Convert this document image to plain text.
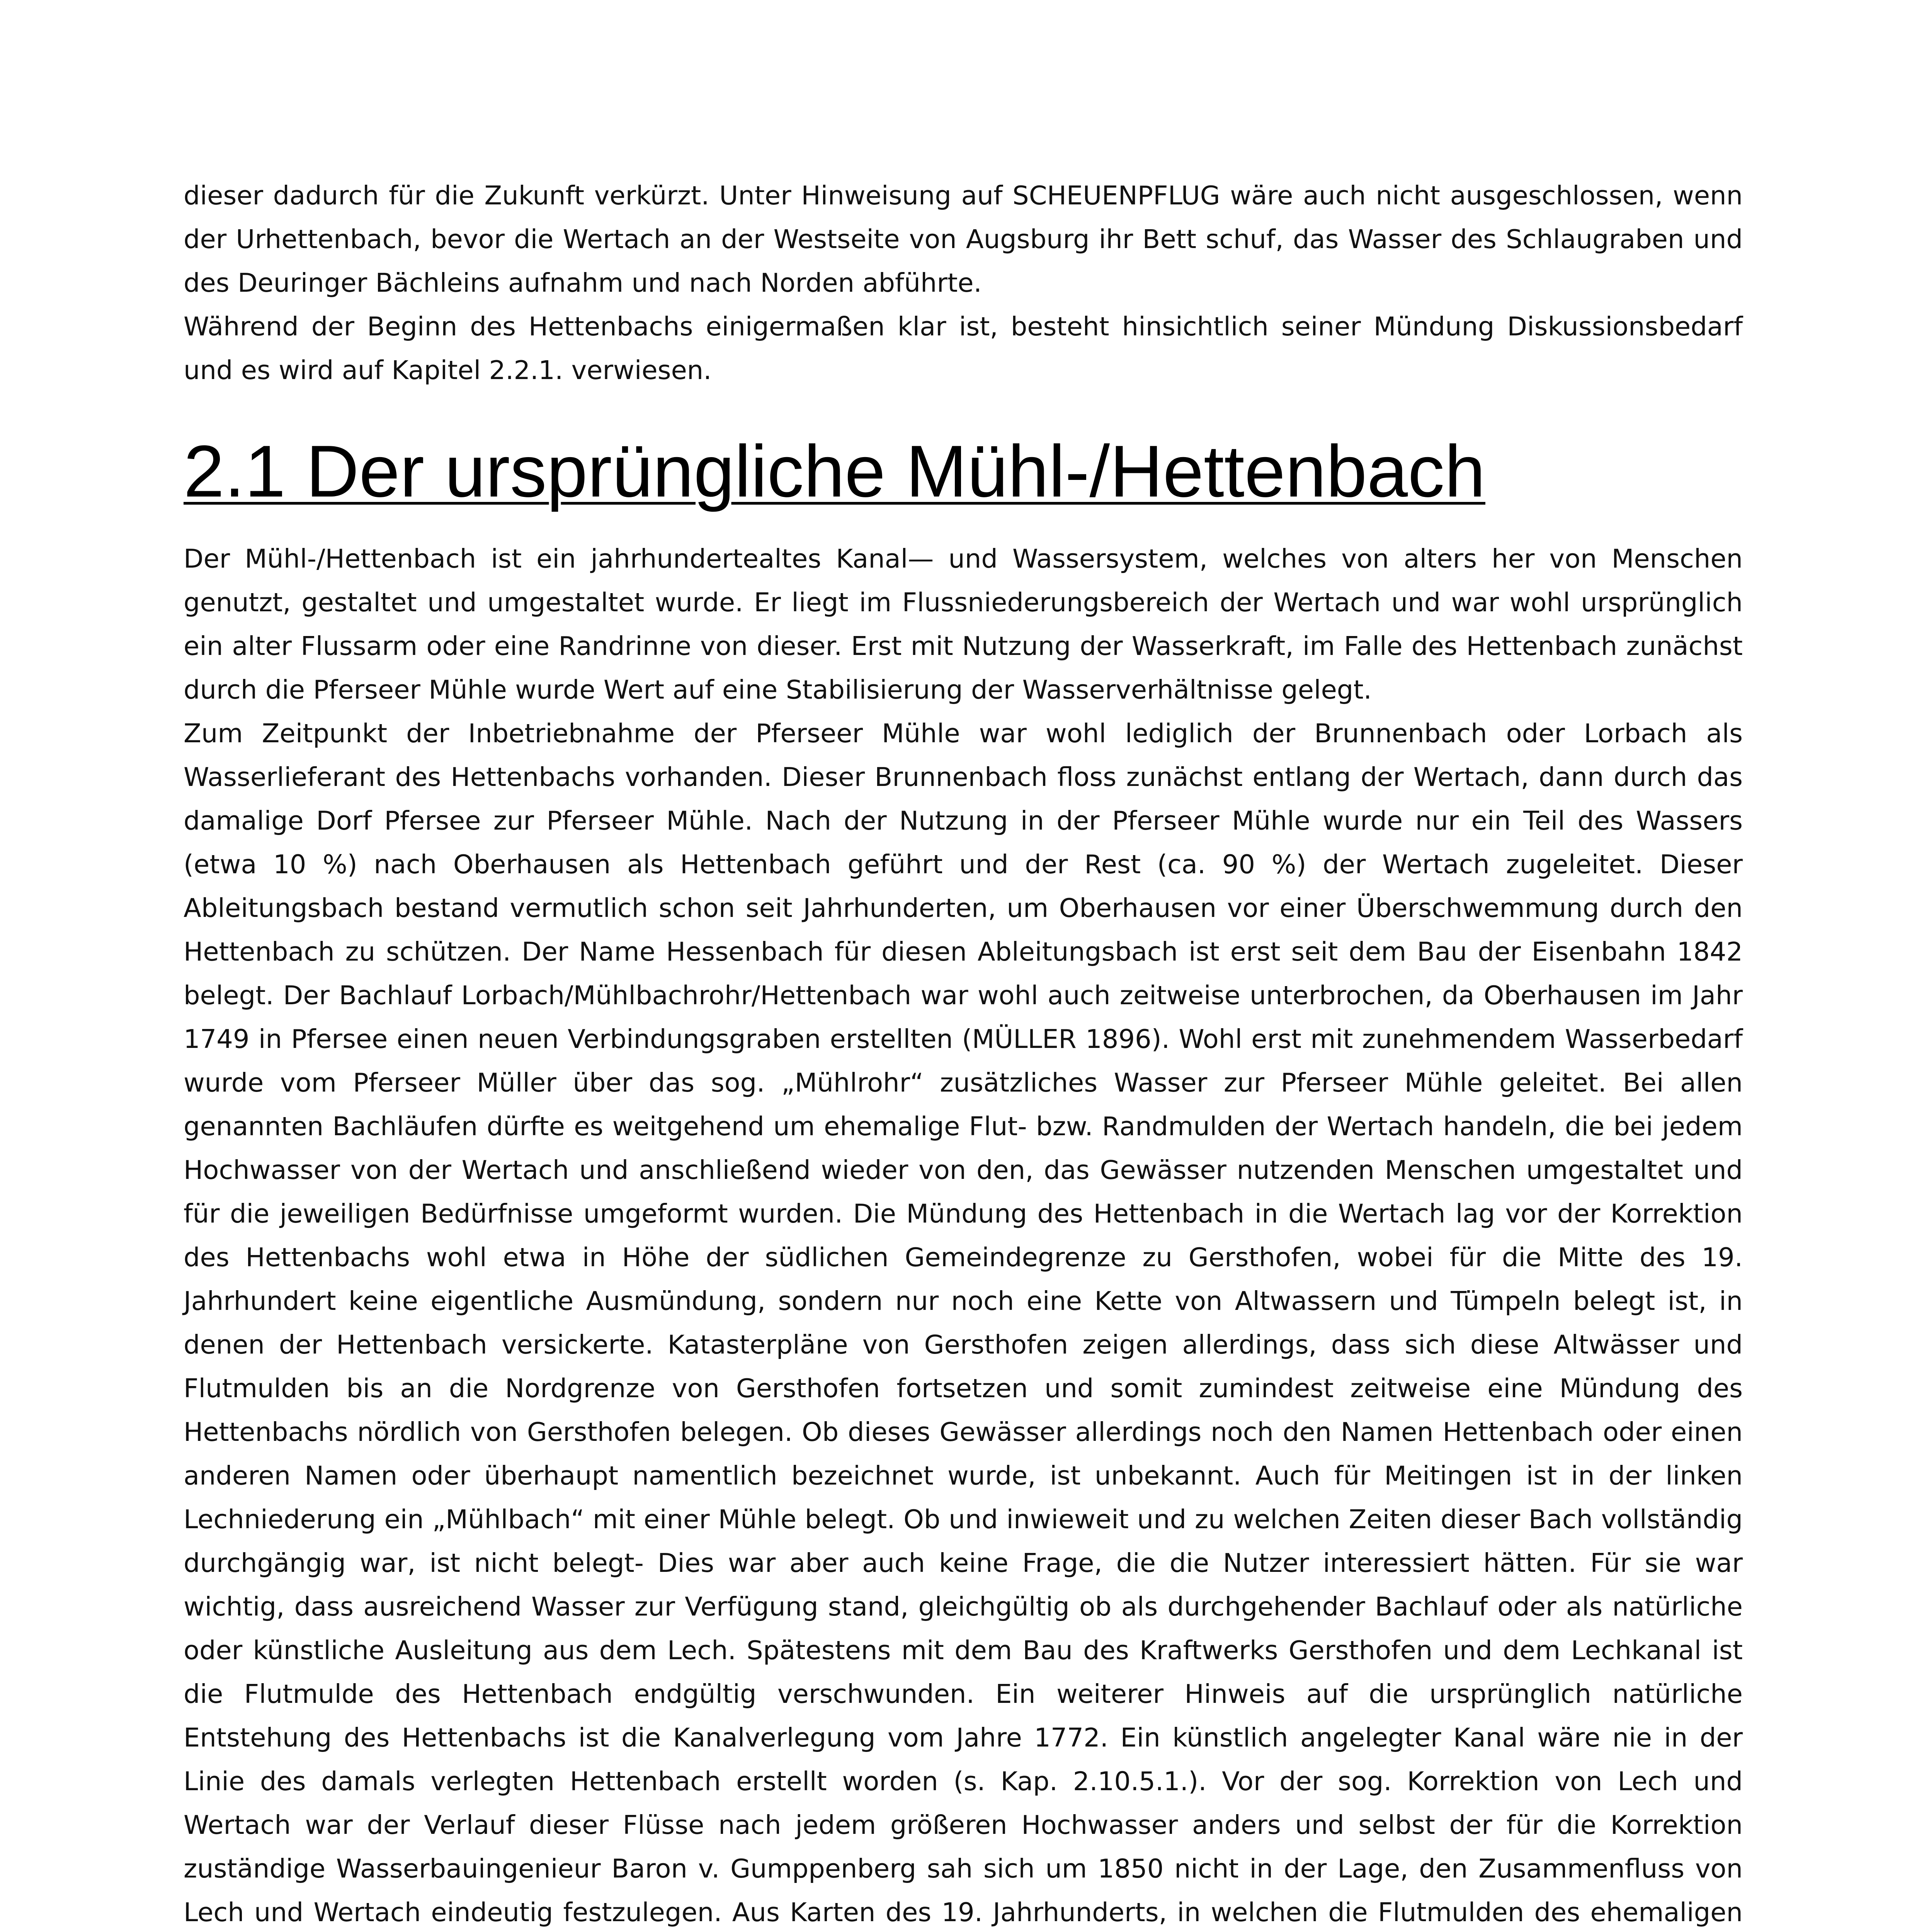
dieser dadurch für die Zukunft verkürzt. Unter Hinweisung auf SCHEUENPFLUG wäre auch nicht ausgeschlossen, wenn der Urhettenbach, bevor die Wertach an der Westseite von Augsburg ihr Bett schuf, das Wasser des Schlaugraben und des Deuringer Bächleins aufnahm und nach Norden abführte.

Während der Beginn des Hettenbachs einigermaßen klar ist, besteht hinsichtlich seiner Mündung Diskussionsbedarf und es wird auf Kapitel 2.2.1. verwiesen.

2.1 Der ursprüngliche Mühl-/Hettenbach

Der Mühl-/Hettenbach ist ein jahrhundertealtes Kanal— und Wassersystem, welches von alters her von Menschen genutzt, gestaltet und umgestaltet wurde. Er liegt im Flussniederungsbereich der Wertach und war wohl ursprünglich ein alter Flussarm oder eine Randrinne von dieser. Erst mit Nutzung der Wasserkraft, im Falle des Hettenbach zunächst durch die Pferseer Mühle wurde Wert auf eine Stabilisierung der Wasserverhältnisse gelegt.

Zum Zeitpunkt der Inbetriebnahme der Pferseer Mühle war wohl lediglich der Brunnenbach oder Lorbach als Wasserlieferant des Hettenbachs vorhanden. Dieser Brunnenbach floss zunächst entlang der Wertach, dann durch das damalige Dorf Pfersee zur Pferseer Mühle. Nach der Nutzung in der Pferseer Mühle wurde nur ein Teil des Wassers (etwa 10 %) nach Oberhausen als Hettenbach geführt und der Rest (ca. 90 %) der Wertach zugeleitet. Dieser Ableitungsbach bestand vermutlich schon seit Jahrhunderten, um Oberhausen vor einer Überschwemmung durch den Hettenbach zu schützen. Der Name Hessenbach für diesen Ableitungsbach ist erst seit dem Bau der Eisenbahn 1842 belegt. Der Bachlauf Lorbach/Mühlbachrohr/Hettenbach war wohl auch zeitweise unterbrochen, da Oberhausen im Jahr 1749 in Pfersee einen neuen Verbindungsgraben erstellten (MÜLLER 1896). Wohl erst mit zunehmendem Wasserbedarf wurde vom Pferseer Müller über das sog. „Mühlrohr“ zusätzliches Wasser zur Pferseer Mühle geleitet. Bei allen genannten Bachläufen dürfte es weitgehend um ehemalige Flut- bzw. Randmulden der Wertach handeln, die bei jedem Hochwasser von der Wertach und anschließend wieder von den, das Gewässer nutzenden Menschen umgestaltet und für die jeweiligen Bedürfnisse umgeformt wurden. Die Mündung des Hettenbach in die Wertach lag vor der Korrektion des Hettenbachs wohl etwa in Höhe der südlichen Gemeindegrenze zu Gersthofen, wobei für die Mitte des 19. Jahrhundert keine eigentliche Ausmündung, sondern nur noch eine Kette von Altwassern und Tümpeln belegt ist, in denen der Hettenbach versickerte. Katasterpläne von Gersthofen zeigen allerdings, dass sich diese Altwässer und Flutmulden bis an die Nordgrenze von Gersthofen fortsetzen und somit zumindest zeitweise eine Mündung des Hettenbachs nördlich von Gersthofen belegen. Ob dieses Gewässer allerdings noch den Namen Hettenbach oder einen anderen Namen oder überhaupt namentlich bezeichnet wurde, ist unbekannt. Auch für Meitingen ist in der linken Lechniederung ein „Mühlbach“ mit einer Mühle belegt. Ob und inwieweit und zu welchen Zeiten dieser Bach vollständig durchgängig war, ist nicht belegt- Dies war aber auch keine Frage, die die Nutzer interessiert hätten. Für sie war wichtig, dass ausreichend Wasser zur Verfügung stand, gleichgültig ob als durchgehender Bachlauf oder als natürliche oder künstliche Ausleitung aus dem Lech. Spätestens mit dem Bau des Kraftwerks Gersthofen und dem Lechkanal ist die Flutmulde des Hettenbach endgültig verschwunden. Ein weiterer Hinweis auf die ursprünglich natürliche Entstehung des Hettenbachs ist die Kanalverlegung vom Jahre 1772. Ein künstlich angelegter Kanal wäre nie in der Linie des damals verlegten Hettenbach erstellt worden (s. Kap. 2.10.5.1.). Vor der sog. Korrektion von Lech und Wertach war der Verlauf dieser Flüsse nach jedem größeren Hochwasser anders und selbst der für die Korrektion zuständige Wasserbauingenieur Baron v. Gumppenberg sah sich um 1850 nicht in der Lage, den Zusammenfluss von Lech und Wertach eindeutig festzulegen. Aus Karten des 19. Jahrhunderts, in welchen die Flutmulden des ehemaligen
